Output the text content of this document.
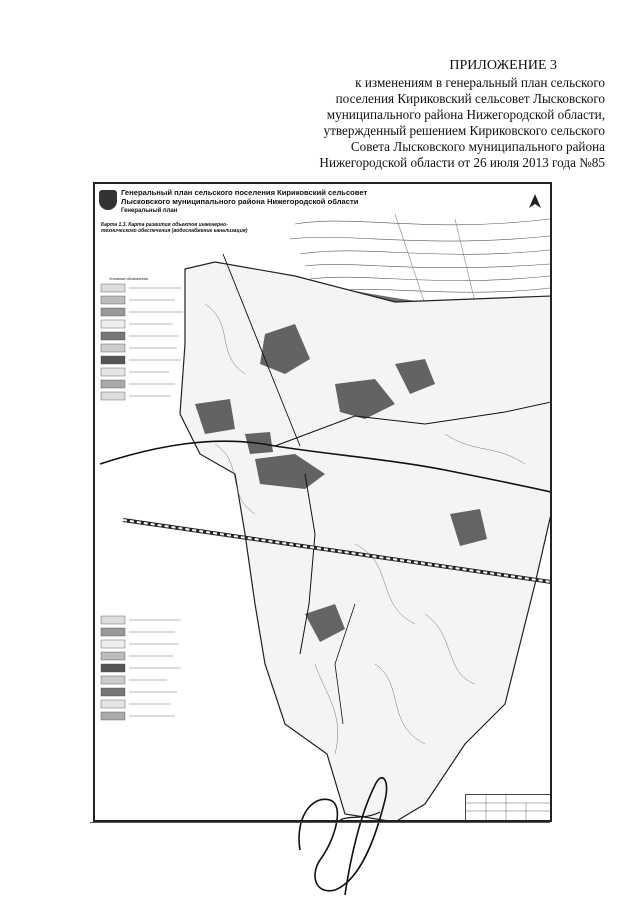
ПРИЛОЖЕНИЕ 3
к изменениям в генеральный план сельского
поселения Кириковский сельсовет Лысковского
муниципального района Нижегородской области,
утвержденный решением Кириковского сельского
Совета Лысковского муниципального района
Нижегородской области от 26 июля 2013 года №85
Условные обозначения
Генеральный план сельского поселения Кириковский сельсовет
Лысковского муниципального района Нижегородской области
Генеральный план
Карта 1.3. Карта развития объектов инженерно-технического обеспечения (водоснабжение канализация)
